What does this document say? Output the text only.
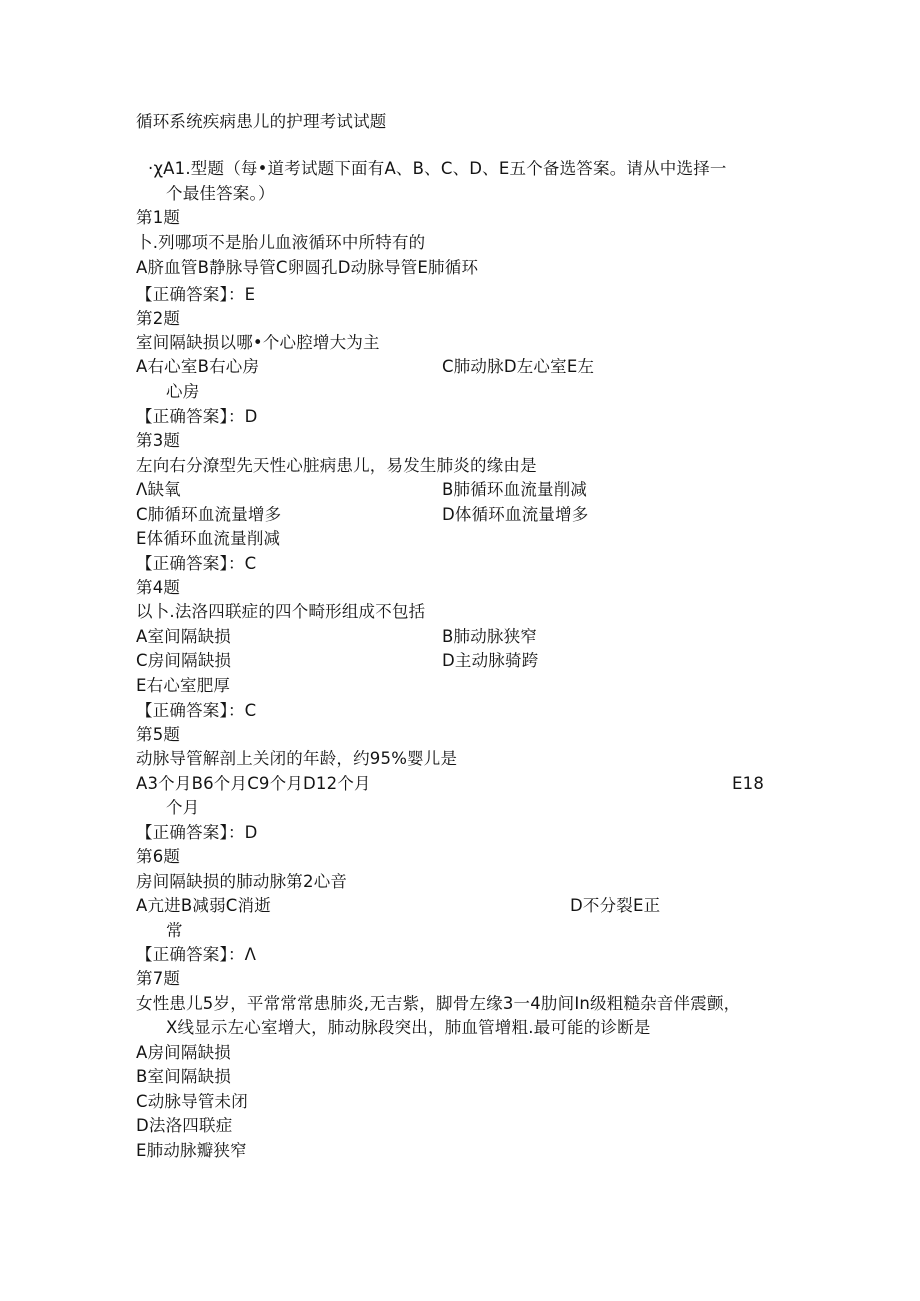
循环系统疾病患儿的护理考试试题
·χA1.型题（每•道考试题下面有A、B、C、D、E五个备选答案。请从中选择一
个最佳答案。）
第1题
卜.列哪项不是胎儿血液循环中所特有的
A脐血管B静脉导管C卵圆孔D动脉导管E肺循环
【正确答案】：E
第2题
室间隔缺损以哪•个心腔增大为主
A右心室B右心房	C肺动脉D左心室E左
心房
【正确答案】：D
第3题
左向右分潦型先天性心脏病患儿，易发生肺炎的缘由是
Λ缺氧	B肺循环血流量削减
C肺循环血流量增多	D体循环血流量增多
E体循环血流量削减
【正确答案】：C
第4题
以卜.法洛四联症的四个畸形组成不包括
A室间隔缺损	B肺动脉狭窄
C房间隔缺损	D主动脉骑跨
E右心室肥厚
【正确答案】：C
第5题
动脉导管解剖上关闭的年龄，约95%婴儿是
A3个月B6个月C9个月D12个月	E18
个月
【正确答案】：D
第6题
房间隔缺损的肺动脉第2心音
A亢进B减弱C消逝	D不分裂E正
常
【正确答案】：Λ
第7题
女性患儿5岁，平常常常患肺炎,无吉紫，脚骨左缘3一4肋间In级粗糙杂音伴震颤，
X线显示左心室增大，肺动脉段突出，肺血管增粗.最可能的诊断是
A房间隔缺损
B室间隔缺损
C动脉导管未闭
D法洛四联症
E肺动脉瓣狭窄
